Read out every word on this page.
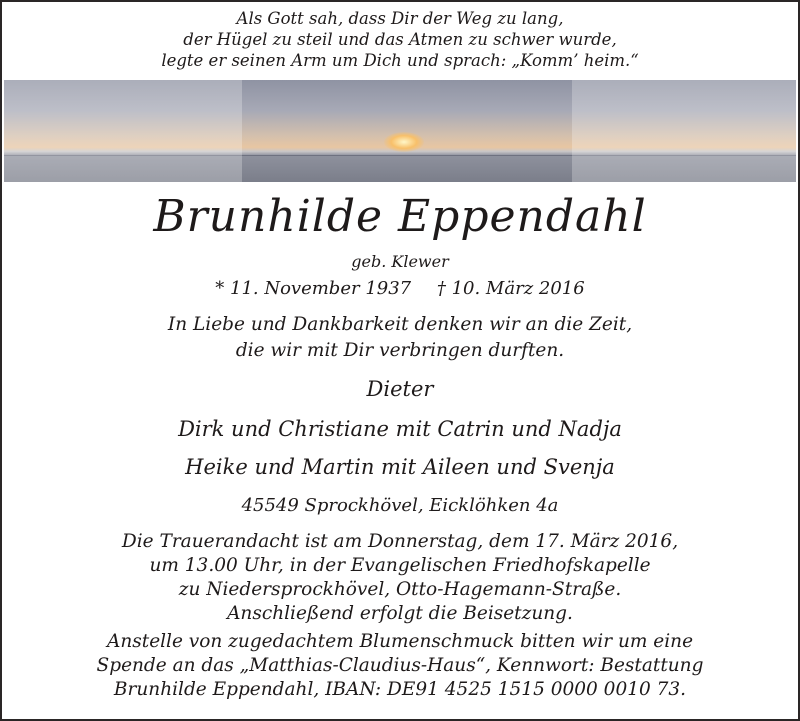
Als Gott sah, dass Dir der Weg zu lang,
der Hügel zu steil und das Atmen zu schwer wurde,
legte er seinen Arm um Dich und sprach: „Komm’ heim.“
Brunhilde Eppendahl
geb. Klewer
* 11. November 1937 † 10. März 2016
In Liebe und Dankbarkeit denken wir an die Zeit,
die wir mit Dir verbringen durften.
Dieter
Dirk und Christiane mit Catrin und Nadja
Heike und Martin mit Aileen und Svenja
45549 Sprockhövel, Eicklöhken 4a
Die Trauerandacht ist am Donnerstag, dem 17. März 2016,
um 13.00 Uhr, in der Evangelischen Friedhofskapelle
zu Niedersprockhövel, Otto-Hagemann-Straße.
Anschließend erfolgt die Beisetzung.
Anstelle von zugedachtem Blumenschmuck bitten wir um eine
Spende an das „Matthias-Claudius-Haus“, Kennwort: Bestattung
Brunhilde Eppendahl, IBAN: DE91 4525 1515 0000 0010 73.
